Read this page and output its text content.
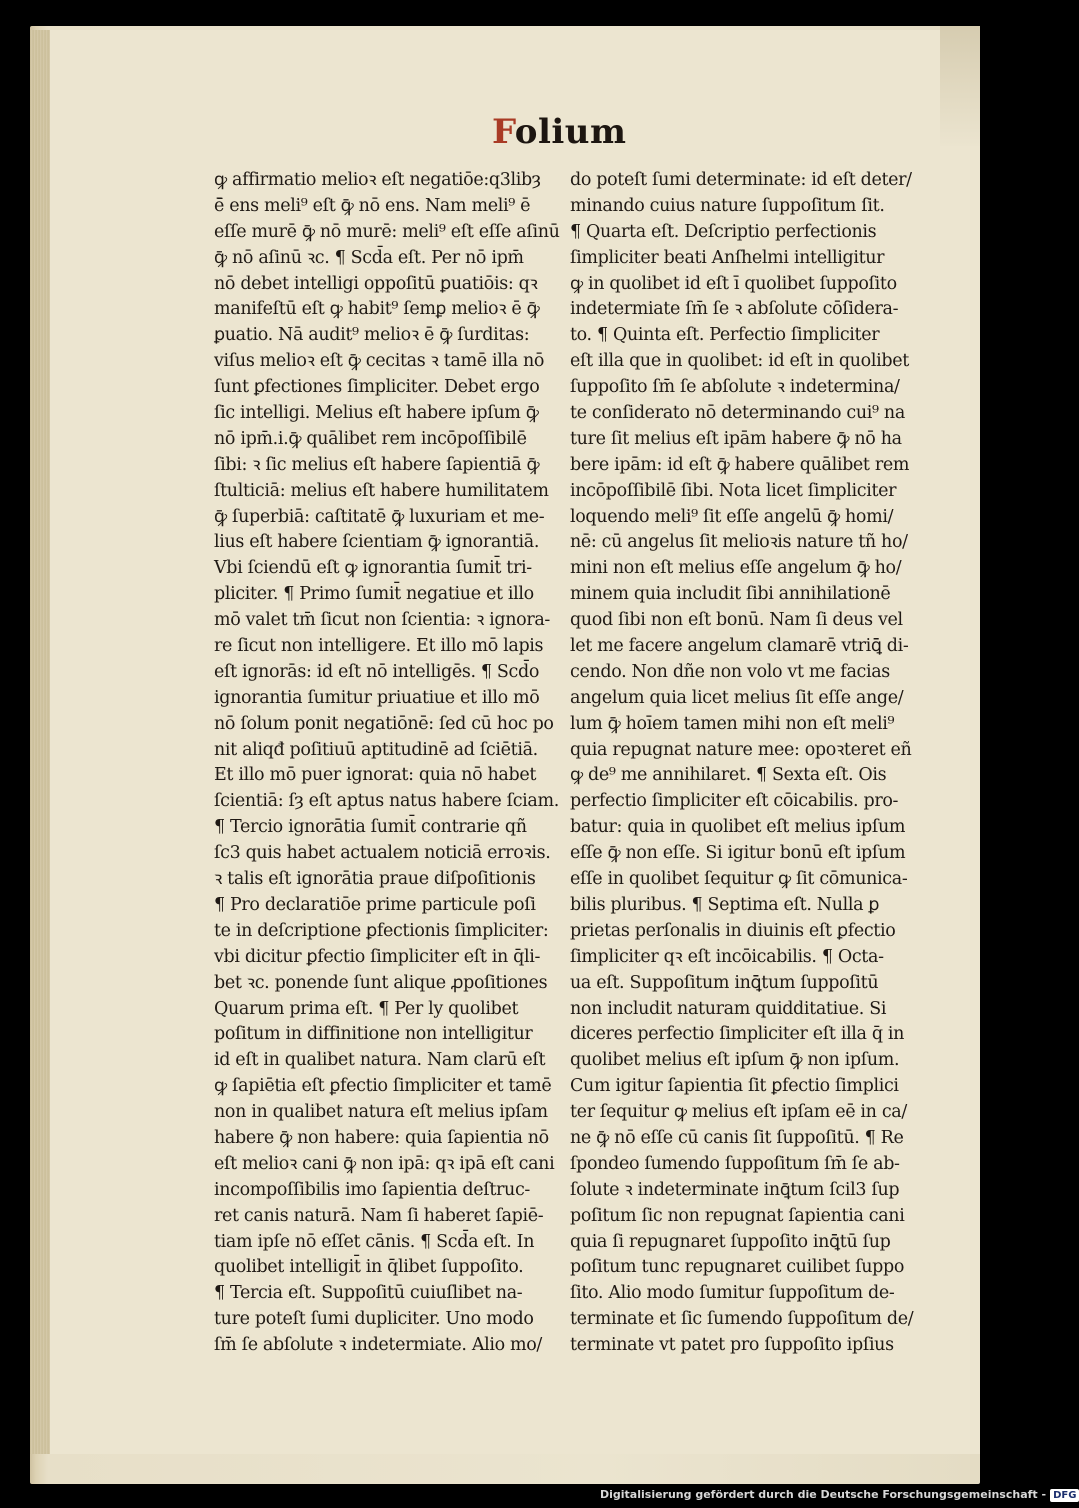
Folium
ꝙ affirmatio melioꝛ eſt negatiōe:q3libȝ
ē̄ ens meli⁹ eſt ꝙ̄ nō ens. Nam meli⁹ ē
eſſe murē ꝙ̄ nō murē: meli⁹ eſt eſſe aſinū
ꝙ̄ nō aſinū ꝛc. ¶ Scd̄a eſt. Per nō ipm̄
nō debet intelligi oppoſitū ꝑuatiōis: qꝛ
manifeſtū eſt ꝙ habit⁹ ſemꝑ melioꝛ ē ꝙ̄
ꝑuatio. Nā audit⁹ melioꝛ ē ꝙ̄ ſurditas:
viſus melioꝛ eſt ꝙ̄ cecitas ꝛ tamē illa nō
ſunt ꝑfectiones ſimpliciter. Debet ergo
ſic intelligi. Melius eſt habere ipſum ꝙ̄
nō ipm̄.i.ꝙ̄ quālibet rem incōpoſſibilē
ſibi: ꝛ ſic melius eſt habere ſapientiā ꝙ̄
ſtulticiā: melius eſt habere humilitatem
ꝙ̄ ſuperbiā: caſtitatē ꝙ̄ luxuriam et me-
lius eſt habere ſcientiam ꝙ̄ ignorantiā.
Vbi ſciendū eſt ꝙ ignorantia ſumit̄ tri-
pliciter. ¶ Primo ſumit̄ negatiue et illo
mō valet tm̄ ſicut non ſcientia: ꝛ ignora-
re ſicut non intelligere. Et illo mō lapis
eſt ignorās: id eſt nō intelligēs. ¶ Scd̄o
ignorantia ſumitur priuatiue et illo mō
nō ſolum ponit negatiōnē: ſed cū hoc po
nit aliqđ poſitiuū aptitudinē ad ſciētiā.
Et illo mō puer ignorat: quia nō habet
ſcientiā: ſȝ eſt aptus natus habere ſciam.
¶ Tercio ignorātia ſumit̄ contrarie qñ
ſc3 quis habet actualem noticiā erroꝛis.
ꝛ talis eſt ignorātia praue diſpoſitionis
¶ Pro declaratiōe prime particule poſi
te in deſcriptione ꝑfectionis ſimpliciter:
vbi dicitur ꝑfectio ſimpliciter eſt in q̄li-
bet ꝛc. ponende ſunt alique ꝓpoſitiones
Quarum prima eſt. ¶ Per ly quolibet
poſitum in diffinitione non intelligitur
id eſt in qualibet natura. Nam clarū eſt
ꝙ ſapiētia eſt ꝑfectio ſimpliciter et tamē
non in qualibet natura eſt melius ipſam
habere ꝙ̄ non habere: quia ſapientia nō
eſt melioꝛ cani ꝙ̄ non ipā: qꝛ ipā eſt cani
incompoſſibilis imo ſapientia deſtruc-
ret canis naturā. Nam ſi haberet ſapiē-
tiam ipſe nō eſſet cānis. ¶ Scd̄a eſt. In
quolibet intelligit̄ in q̄libet ſuppoſito.
¶ Tercia eſt. Suppoſitū cuiuſlibet na-
ture poteſt ſumi dupliciter. Uno modo
ſm̄ ſe abſolute ꝛ indetermiate. Alio mo/
do poteſt ſumi determinate: id eſt deter/
minando cuius nature ſuppoſitum ſit.
¶ Quarta eſt. Deſcriptio perfectionis
ſimpliciter beati Anſhelmi intelligitur
ꝙ in quolibet id eſt ī quolibet ſuppoſito
indetermiate ſm̄ ſe ꝛ abſolute cōſidera-
to. ¶ Quinta eſt. Perfectio ſimpliciter
eſt illa que in quolibet: id eſt in quolibet
ſuppoſito ſm̄ ſe abſolute ꝛ indetermina/
te conſiderato nō determinando cui⁹ na
ture ſit melius eſt ipām habere ꝙ̄ nō ha
bere ipām: id eſt ꝙ̄ habere quālibet rem
incōpoſſibilē ſibi. Nota licet ſimpliciter
loquendo meli⁹ ſit eſſe angelū ꝙ̄ homi/
nē: cū angelus ſit melioꝛis nature tñ ho/
mini non eſt melius eſſe angelum ꝙ̄ ho/
minem quia includit ſibi annihilationē
quod ſibi non eſt bonū. Nam ſi deus vel
let me facere angelum clamarē vtriꝗ̄ di-
cendo. Non dñe non volo vt me facias
angelum quia licet melius ſit eſſe ange/
lum ꝙ̄ hoīem tamen mihi non eſt meli⁹
quia repugnat nature mee: opoꝛteret eñ
ꝙ de⁹ me annihilaret. ¶ Sexta eſt. Ois
perfectio ſimpliciter eſt cōicabilis. pro-
batur: quia in quolibet eſt melius ipſum
eſſe ꝙ̄ non eſſe. Si igitur bonū eſt ipſum
eſſe in quolibet ſequitur ꝙ ſit cōmunica-
bilis pluribus. ¶ Septima eſt. Nulla ꝑ
prietas perſonalis in diuinis eſt ꝑfectio
ſimpliciter qꝛ eſt incōicabilis. ¶ Octa-
ua eſt. Suppoſitum inꝗ̄tum ſuppoſitū
non includit naturam quidditatiue. Si
diceres perfectio ſimpliciter eſt illa q̄ in
quolibet melius eſt ipſum ꝙ̄ non ipſum.
Cum igitur ſapientia ſit ꝑfectio ſimplici
ter ſequitur ꝙ melius eſt ipſam eē in ca/
ne ꝙ̄ nō eſſe cū canis ſit ſuppoſitū. ¶ Re
ſpondeo ſumendo ſuppoſitum ſm̄ ſe ab-
ſolute ꝛ indeterminate inꝗ̄tum ſcil3 ſup
poſitum ſic non repugnat ſapientia cani
quia ſi repugnaret ſuppoſito inꝗ̄tū ſup
poſitum tunc repugnaret cuilibet ſuppo
ſito. Alio modo ſumitur ſuppoſitum de-
terminate et ſic ſumendo ſuppoſitum de/
terminate vt patet pro ſuppoſito ipſius
Digitalisierung gefördert durch die Deutsche Forschungsgemeinschaft - DFG
